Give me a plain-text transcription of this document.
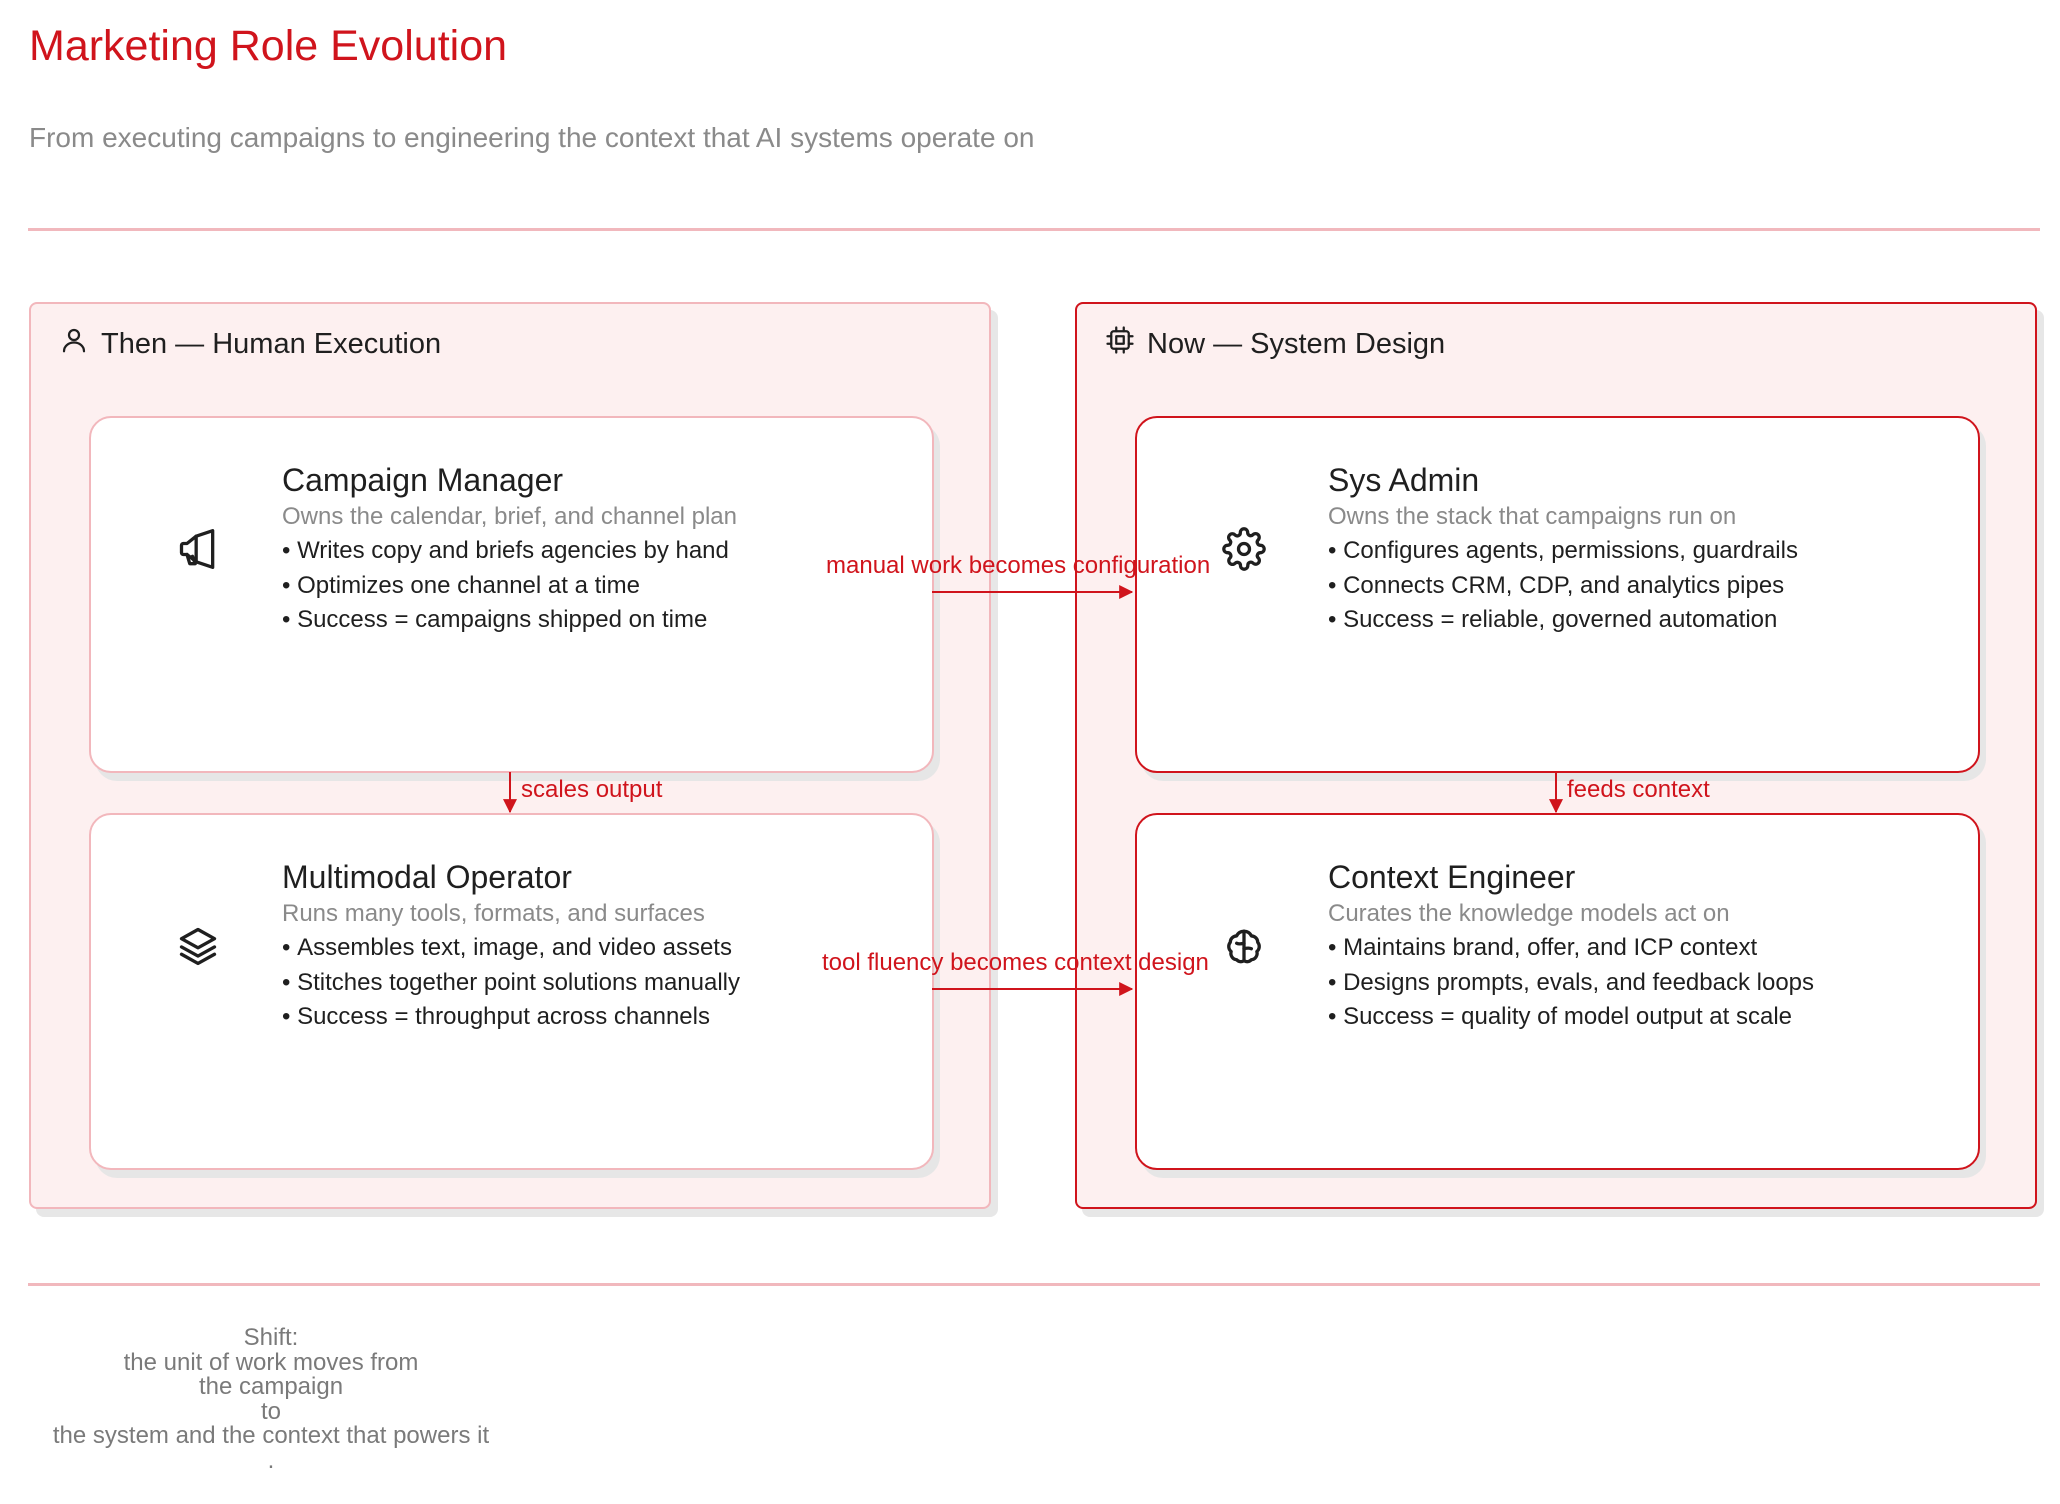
Marketing Role Evolution
From executing campaigns to engineering the context that AI systems operate on
Then — Human Execution
Campaign Manager
Owns the calendar, brief, and channel plan
• Writes copy and briefs agencies by hand
• Optimizes one channel at a time
• Success = campaigns shipped on time
Multimodal Operator
Runs many tools, formats, and surfaces
• Assembles text, image, and video assets
• Stitches together point solutions manually
• Success = throughput across channels
Now — System Design
Sys Admin
Owns the stack that campaigns run on
• Configures agents, permissions, guardrails
• Connects CRM, CDP, and analytics pipes
• Success = reliable, governed automation
Context Engineer
Curates the knowledge models act on
• Maintains brand, offer, and ICP context
• Designs prompts, evals, and feedback loops
• Success = quality of model output at scale
manual work becomes configuration
tool fluency becomes context design
scales output	feeds context
Shift:
the unit of work moves from
the campaign
to
the system and the context that powers it
.
